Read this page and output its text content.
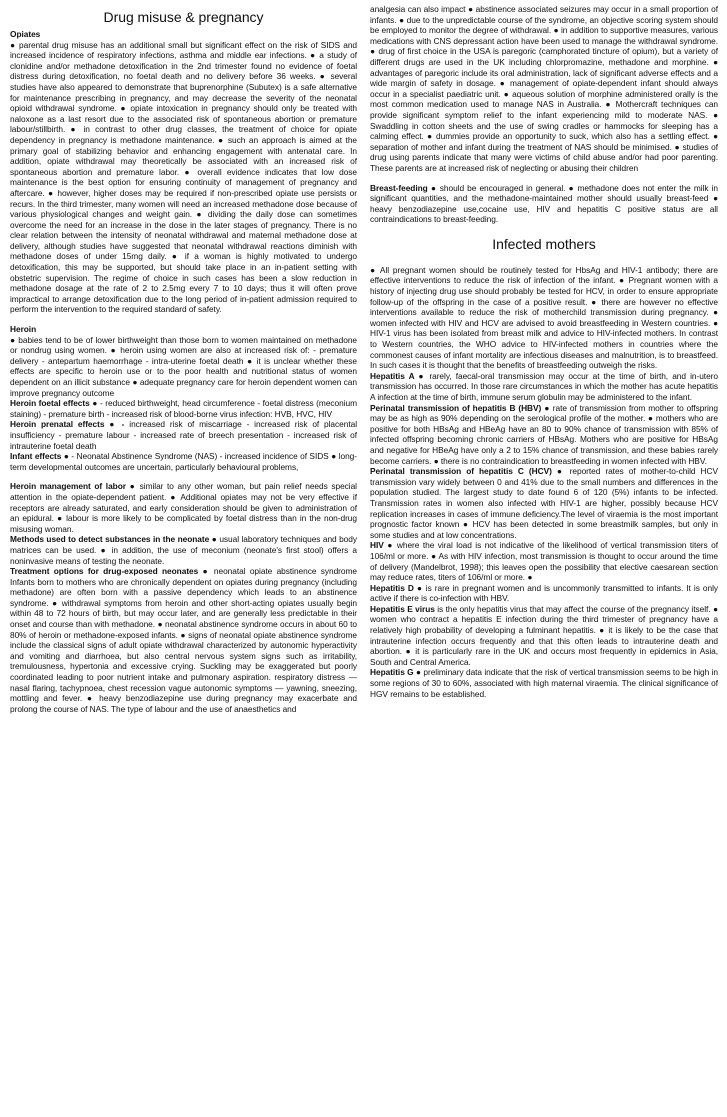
Drug misuse & pregnancy

Opiates

● parental drug misuse has an additional small but significant effect on the risk of SIDS and increased incidence of respiratory infections, asthma and middle ear infections. ● a study of clonidine and/or methadone detoxification in the 2nd trimester found no evidence of foetal distress during detoxification, no foetal death and no delivery before 36 weeks. ● several studies have also appeared to demonstrate that buprenorphine (Subutex) is a safe alternative for maintenance prescribing in pregnancy, and may decrease the severity of the neonatal opioid withdrawal syndrome. ● opiate intoxication in pregnancy should only be treated with naloxone as a last resort due to the associated risk of spontaneous abortion or premature labour/stillbirth. ● in contrast to other drug classes, the treatment of choice for opiate dependency in pregnancy is methadone maintenance. ● such an approach is aimed at the primary goal of stabilizing behavior and enhancing engagement with antenatal care. In addition, opiate withdrawal may theoretically be associated with an increased risk of spontaneous abortion and premature labor. ● overall evidence indicates that low dose maintenance is the best option for ensuring continuity of management of pregnancy and aftercare. ● however, higher doses may be required if non-prescribed opiate use persists or recurs. In the third trimester, many women will need an increased methadone dose because of various physiological changes and weight gain. ● dividing the daily dose can sometimes overcome the need for an increase in the dose in the later stages of pregnancy. There is no clear relation between the intensity of neonatal withdrawal and maternal methadone dose at delivery, although studies have suggested that neonatal withdrawal reactions diminish with methadone doses of under 15mg daily. ● if a woman is highly motivated to undergo detoxification, this may be supported, but should take place in an in-patient setting with obstetric supervision. The regime of choice in such cases has been a slow reduction in methadone dosage at the rate of 2 to 2.5mg every 7 to 10 days; thus it will often prove impractical to arrange detoxification due to the long period of in-patient admission required to perform the intervention to the required standard of safety.

Heroin

● babies tend to be of lower birthweight than those born to women maintained on methadone or nondrug using women. ● heroin using women are also at increased risk of: - premature delivery - antepartum haemorrhage - intra-uterine foetal death ● it is unclear whether these effects are specific to heroin use or to the poor health and nutritional status of women dependent on an illicit substance ● adequate pregnancy care for heroin dependent women can improve pregnancy outcome

Heroin foetal effects ● - reduced birthweight, head circumference - foetal distress (meconium staining) - premature birth - increased risk of blood-borne virus infection: HVB, HVC, HIV

Heroin prenatal effects ● - increased risk of miscarriage - increased risk of placental insufficiency - premature labour - increased rate of breech presentation - increased risk of intrauterine foetal death

Infant effects ● - Neonatal Abstinence Syndrome (NAS) - increased incidence of SIDS ● long-term developmental outcomes are uncertain, particularly behavioural problems,

Heroin management of labor ● similar to any other woman, but pain relief needs special attention in the opiate-dependent patient. ● Additional opiates may not be very effective if receptors are already saturated, and early consideration should be given to administration of an epidural. ● labour is more likely to be complicated by foetal distress than in the non-drug misusing woman.

Methods used to detect substances in the neonate ● usual laboratory techniques and body matrices can be used. ● in addition, the use of meconium (neonate's first stool) offers a noninvasive means of testing the neonate.

Treatment options for drug-exposed neonates ● neonatal opiate abstinence syndrome Infants born to mothers who are chronically dependent on opiates during pregnancy (including methadone) are often born with a passive dependency which leads to an abstinence syndrome. ● withdrawal symptoms from heroin and other short-acting opiates usually begin within 48 to 72 hours of birth, but may occur later, and are generally less predictable in their onset and course than with methadone. ● neonatal abstinence syndrome occurs in about 60 to 80% of heroin or methadone-exposed infants. ● signs of neonatal opiate abstinence syndrome include the classical signs of adult opiate withdrawal characterized by autonomic hyperactivity and vomiting and diarrhoea, but also central nervous system signs such as irritability, tremulousness, hypertonia and excessive crying. Suckling may be exaggerated but poorly coordinated leading to poor nutrient intake and pulmonary aspiration. respiratory distress — nasal flaring, tachypnoea, chest recession vague autonomic symptoms — yawning, sneezing, mottling and fever. ● heavy benzodiazepine use during pregnancy may exacerbate and prolong the course of NAS. The type of labour and the use of anaesthetics and

analgesia can also impact ● abstinence associated seizures may occur in a small proportion of infants. ● due to the unpredictable course of the syndrome, an objective scoring system should be employed to monitor the degree of withdrawal. ● in addition to supportive measures, various medications with CNS depressant action have been used to manage the withdrawal syndrome. ● drug of first choice in the USA is paregoric (camphorated tincture of opium), but a variety of different drugs are used in the UK including chlorpromazine, methadone and morphine. ● advantages of paregoric include its oral administration, lack of significant adverse effects and a wide margin of safety in dosage. ● management of opiate-dependent infant should always occur in a specialist paediatric unit. ● aqueous solution of morphine administered orally is the most common medication used to manage NAS in Australia. ● Mothercraft techniques can provide significant symptom relief to the infant experiencing mild to moderate NAS. ● Swaddling in cotton sheets and the use of swing cradles or hammocks for sleeping has a calming effect. ● dummies provide an opportunity to suck, which also has a settling effect. ● separation of mother and infant during the treatment of NAS should be minimised. ● studies of drug using parents indicate that many were victims of child abuse and/or had poor parenting. These parents are at increased risk of neglecting or abusing their children

Breast-feeding ● should be encouraged in general. ● methadone does not enter the milk in significant quantities, and the methadone-maintained mother should usually breast-feed ● heavy benzodiazepine use,cocaine use, HIV and hepatitis C positive status are all contraindications to breast-feeding.

Infected mothers

● All pregnant women should be routinely tested for HbsAg and HIV-1 antibody; there are effective interventions to reduce the risk of infection of the infant. ● Pregnant women with a history of injecting drug use should probably be tested for HCV, in order to ensure appropriate follow-up of the offspring in the case of a positive result. ● there are however no effective interventions available to reduce the risk of motherchild transmission during pregnancy. ● women infected with HIV and HCV are advised to avoid breastfeeding in Western countries. ● HIV-1 virus has been isolated from breast milk and advice to HIV-infected mothers. In contrast to Western countries, the WHO advice to HIV-infected mothers in countries where the commonest causes of infant mortality are infectious diseases and malnutrition, is to breastfeed. In such cases it is thought that the benefits of breastfeeding outweigh the risks.

Hepatitis A ● rarely, faecal-oral transmission may occur at the time of birth, and in-utero transmission has occurred. In those rare circumstances in which the mother has acute hepatitis A infection at the time of birth, immune serum globulin may be administered to the infant.

Perinatal transmission of hepatitis B (HBV) ● rate of transmission from mother to offspring may be as high as 90% depending on the serological profile of the mother. ● mothers who are positive for both HBsAg and HBeAg have an 80 to 90% chance of transmission with 85% of infected offspring becoming chronic carriers of HBsAg. Mothers who are positive for HBsAg and negative for HBeAg have only a 2 to 15% chance of transmission, and these babies rarely become carriers. ● there is no contraindication to breastfeeding in women infected with HBV.

Perinatal transmission of hepatitis C (HCV) ● reported rates of mother-to-child HCV transmission vary widely between 0 and 41% due to the small numbers and differences in the population studied. The largest study to date found 6 of 120 (5%) infants to be infected. Transmission rates in women also infected with HIV-1 are higher, possibly because HCV replication increases in cases of immune deficiency.The level of viraemia is the most important prognostic factor known ● HCV has been detected in some breastmilk samples, but only in some studies and at low concentrations.

HIV ● where the viral load is not indicative of the likelihood of vertical transmission titers of 106/ml or more. ● As with HIV infection, most transmission is thought to occur around the time of delivery (Mandelbrot, 1998); this leaves open the possibility that elective caesarean section may reduce rates, titers of 106/ml or more. ●

Hepatitis D ● is rare in pregnant women and is uncommonly transmitted to infants. It is only active if there is co-infection with HBV.

Hepatitis E virus is the only hepatitis virus that may affect the course of the pregnancy itself. ● women who contract a hepatitis E infection during the third trimester of pregnancy have a relatively high probability of developing a fulminant hepatitis. ● it is likely to be the case that intrauterine infection occurs frequently and that this often leads to intrauterine death and abortion. ● it is particularly rare in the UK and occurs most frequently in epidemics in Asia, South and Central America.

Hepatitis G ● preliminary data indicate that the risk of vertical transmission seems to be high in some regions of 30 to 60%, associated with high maternal viraemia. The clinical significance of HGV remains to be established.
